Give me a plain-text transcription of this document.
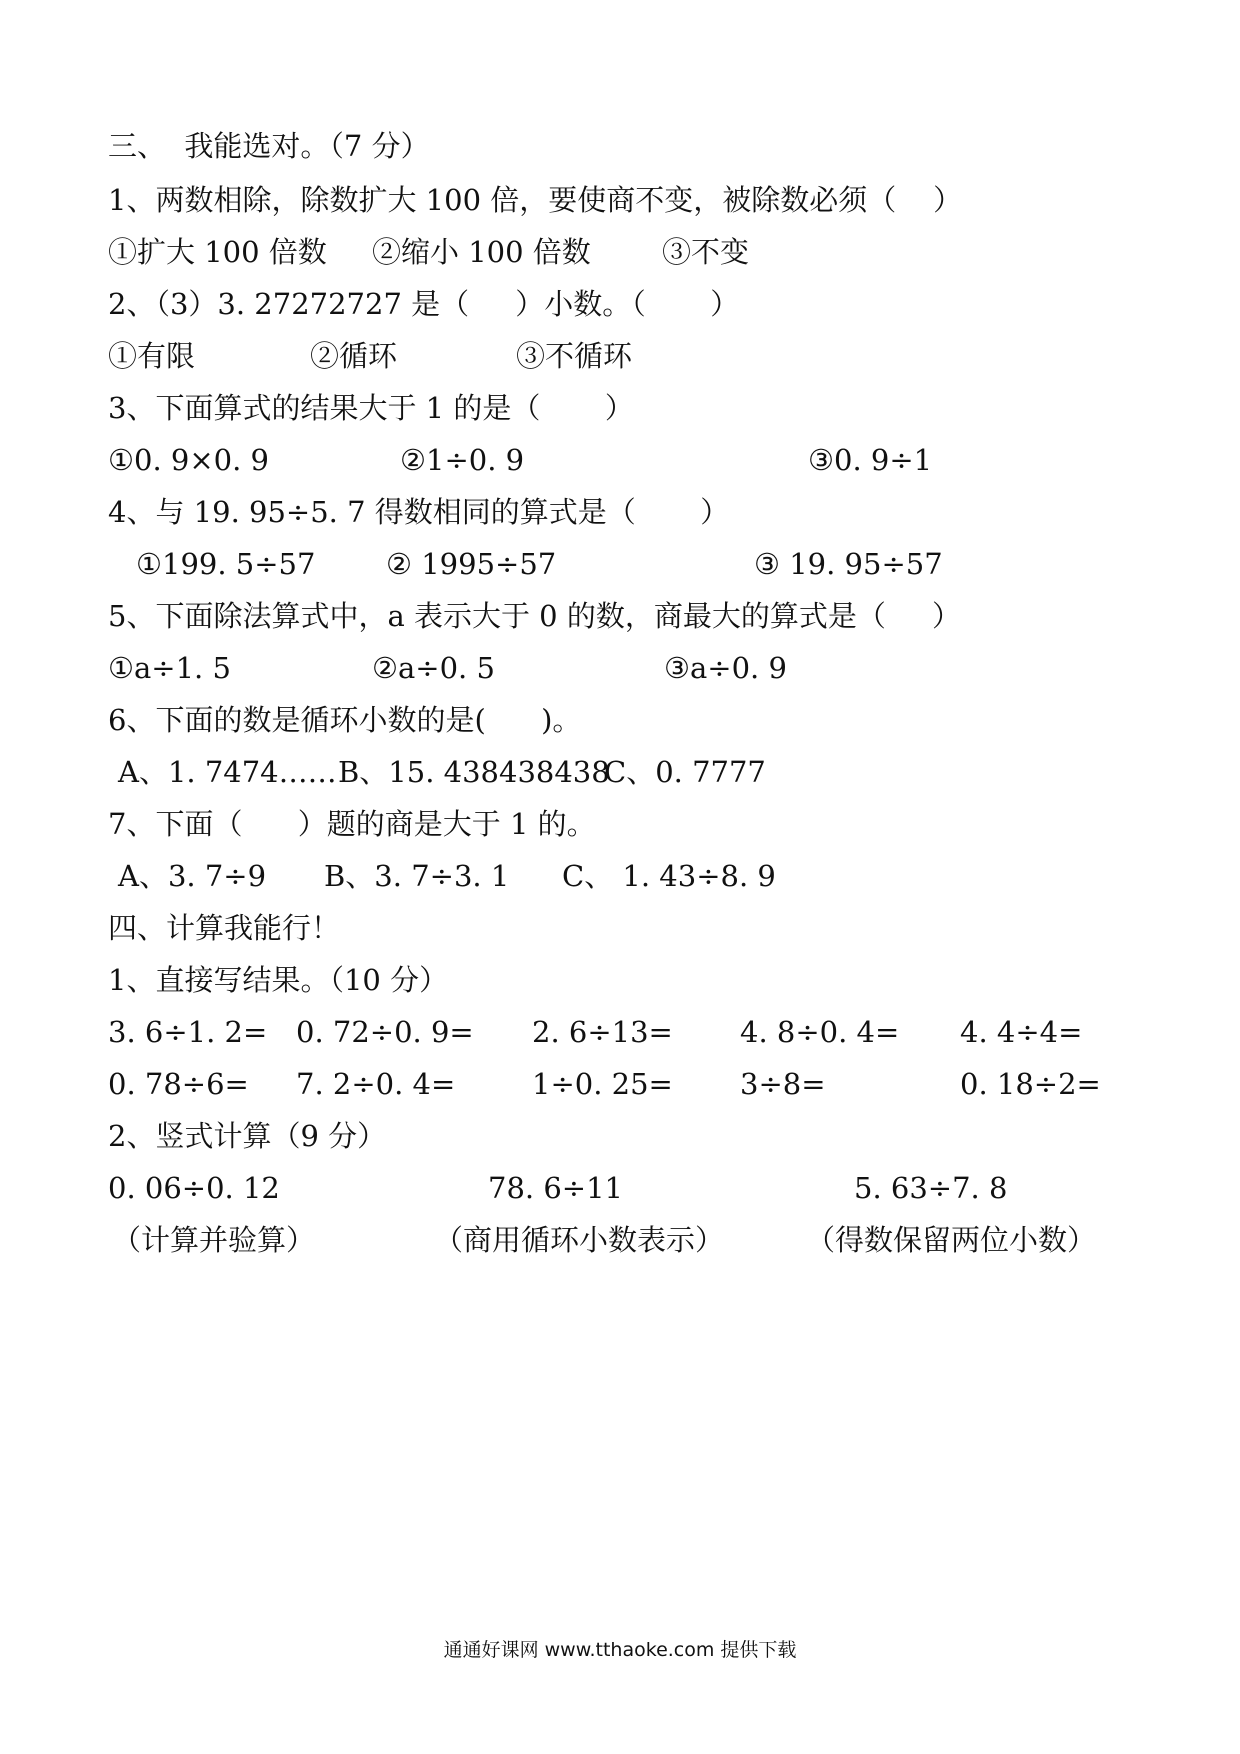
三、  我能选对。（7 分）
1、两数相除，除数扩大 100 倍，要使商不变，被除数必须（    ）
①扩大 100 倍数 ②缩小 100 倍数 ③不变
2、（3）3. 27272727 是（     ）小数。（       ）
①有限	②循环	③不循环
3、下面算式的结果大于 1 的是（       ）
①0. 9×0. 9	②1÷0. 9	③0. 9÷1
4、与 19. 95÷5. 7 得数相同的算式是（       ）
①199. 5÷57 ② 1995÷57	③ 19. 95÷57
5、下面除法算式中，a 表示大于 0 的数，商最大的算式是（     ）
①a÷1. 5	②a÷0. 5	③a÷0. 9
6、下面的数是循环小数的是(      )。
A、1. 7474…… B、15. 438438438
C、0. 7777
7、下面（      ）题的商是大于 1 的。
A、3. 7÷9 B、3. 7÷3. 1 C、 1. 43÷8. 9
四、计算我能行！
1、直接写结果。（10 分）
3. 6÷1. 2= 0. 72÷0. 9= 2. 6÷13= 4. 8÷0. 4= 4. 4÷4=
0. 78÷6= 7. 2÷0. 4=	1÷0. 25= 3÷8=	0. 18÷2=
2、竖式计算（9 分）
0. 06÷0. 12	78. 6÷11	5. 63÷7. 8
（计算并验算）	（商用循环小数表示）	（得数保留两位小数）
通通好课网 www.tthaoke.com 提供下载
